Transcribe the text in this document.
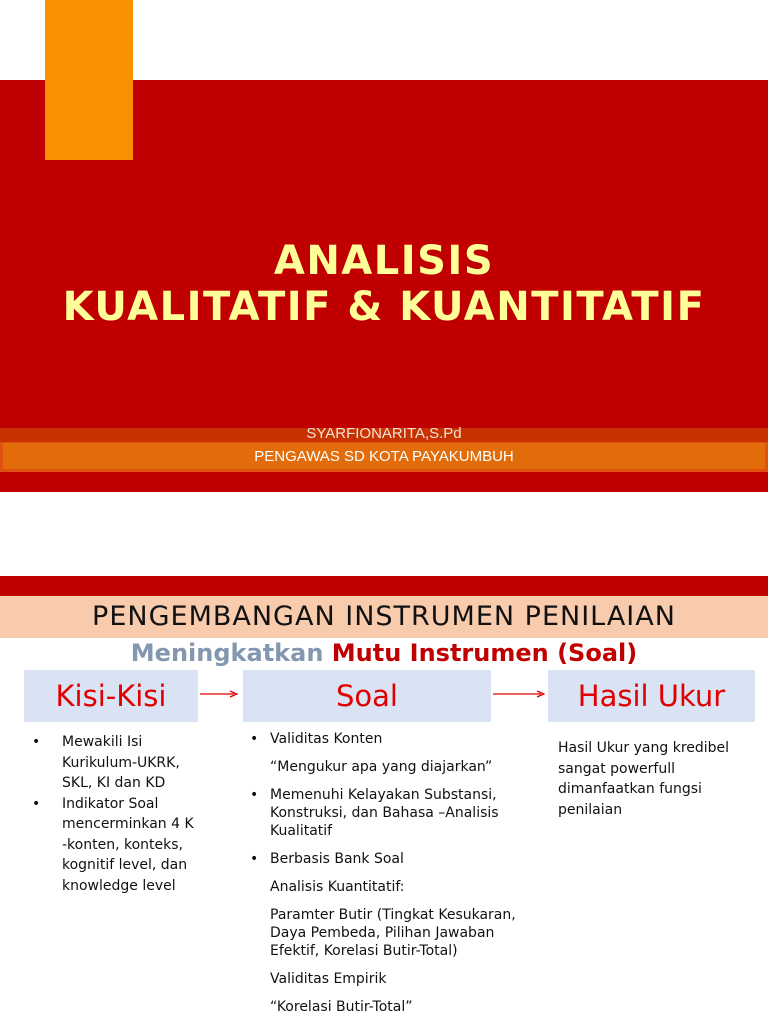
ANALISIS
KUALITATIF & KUANTITATIF
SYARFIONARITA,S.Pd
PENGAWAS SD KOTA PAYAKUMBUH
PENGEMBANGAN INSTRUMEN PENILAIAN
Meningkatkan Mutu Instrumen (Soal)
Kisi-Kisi	Soal	Hasil Ukur
• Mewakili Isi Kurikulum-UKRK, SKL, KI dan KD
• Indikator Soal mencerminkan 4 K -konten, konteks, kognitif level, dan knowledge level
• Validitas Konten
“Mengukur apa yang diajarkan”
• Memenuhi Kelayakan Substansi, Konstruksi, dan Bahasa –Analisis Kualitatif
• Berbasis Bank Soal
Analisis Kuantitatif:
Paramter Butir (Tingkat Kesukaran, Daya Pembeda, Pilihan Jawaban Efektif, Korelasi Butir-Total)
Validitas Empirik
“Korelasi Butir-Total”
Hasil Ukur yang kredibel sangat powerfull dimanfaatkan fungsi penilaian
